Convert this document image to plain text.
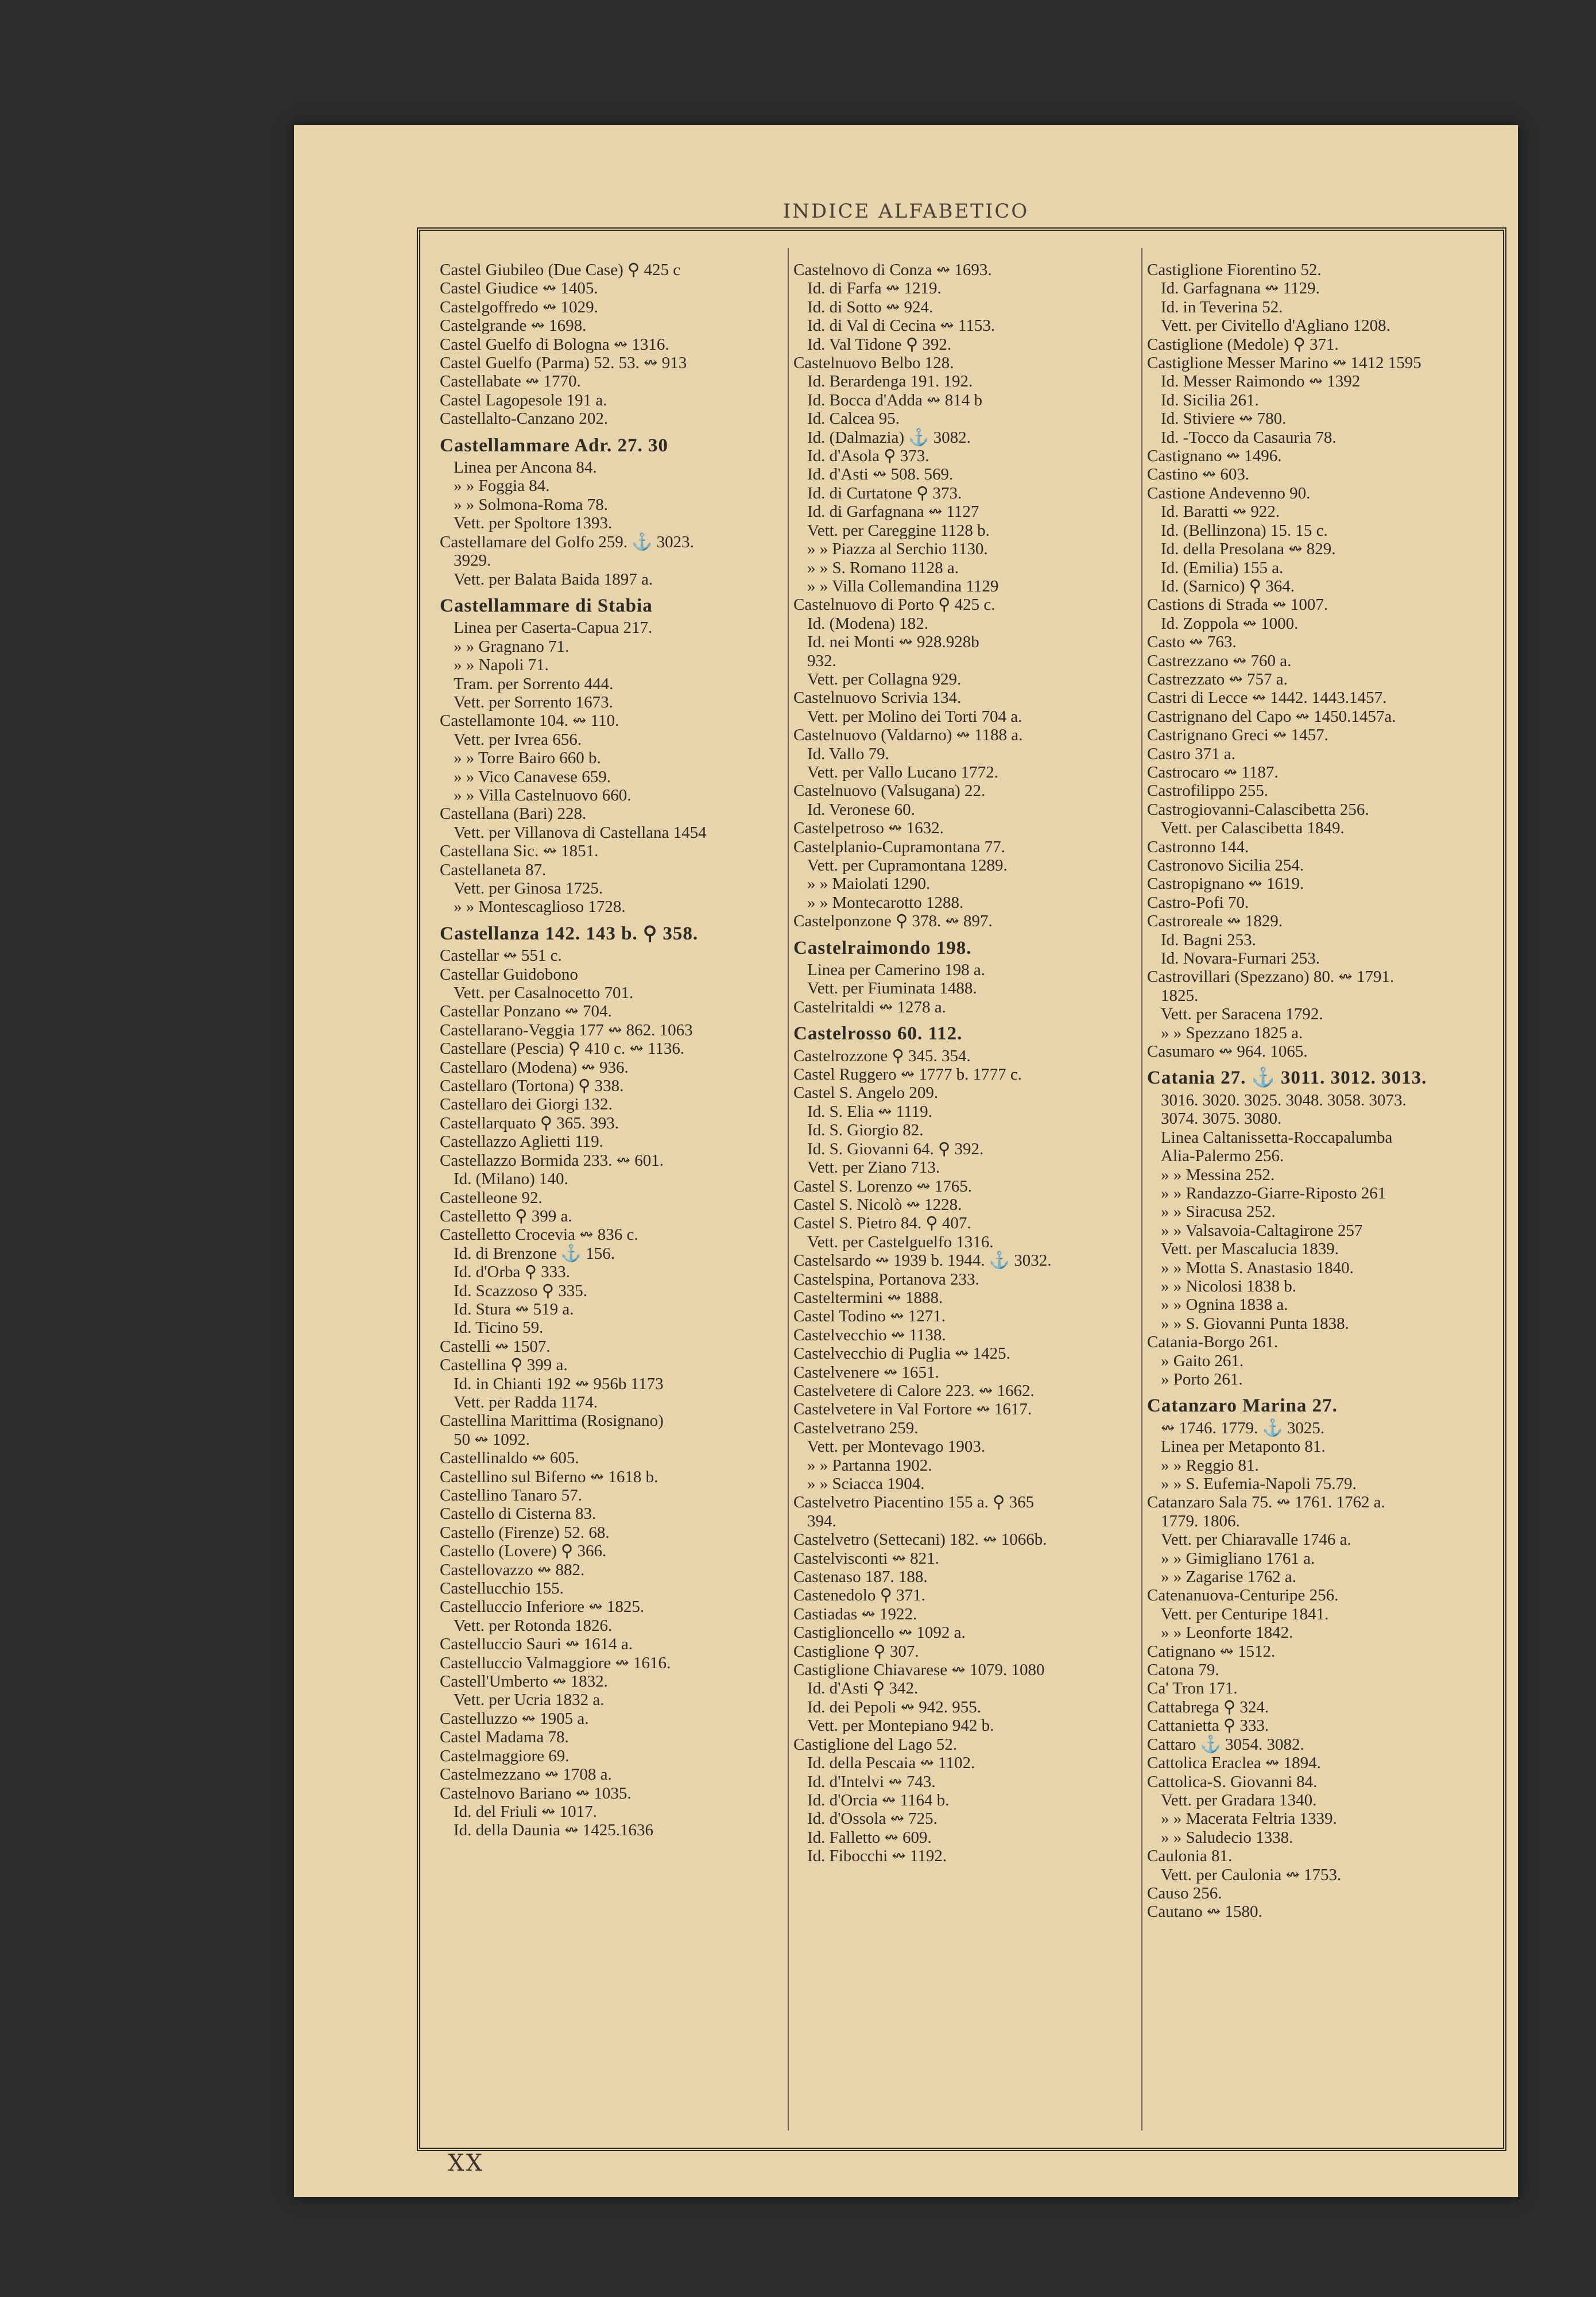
INDICE ALFABETICO
Castel Giubileo (Due Case) ⚲ 425 c
Castel Giudice ↭ 1405.
Castelgoffredo ↭ 1029.
Castelgrande ↭ 1698.
Castel Guelfo di Bologna ↭ 1316.
Castel Guelfo (Parma) 52. 53. ↭ 913
Castellabate ↭ 1770.
Castel Lagopesole 191 a.
Castellalto-Canzano 202.
Castellammare Adr. 27. 30
Linea per Ancona 84.
» » Foggia 84.
» » Solmona-Roma 78.
Vett. per Spoltore 1393.
Castellamare del Golfo 259. ⚓ 3023.
3929.
Vett. per Balata Baida 1897 a.
Castellammare di Stabia
Linea per Caserta-Capua 217.
» » Gragnano 71.
» » Napoli 71.
Tram. per Sorrento 444.
Vett. per Sorrento 1673.
Castellamonte 104. ↭ 110.
Vett. per Ivrea 656.
» » Torre Bairo 660 b.
» » Vico Canavese 659.
» » Villa Castelnuovo 660.
Castellana (Bari) 228.
Vett. per Villanova di Castellana 1454
Castellana Sic. ↭ 1851.
Castellaneta 87.
Vett. per Ginosa 1725.
» » Montescaglioso 1728.
Castellanza 142. 143 b. ⚲ 358.
Castellar ↭ 551 c.
Castellar Guidobono
Vett. per Casalnocetto 701.
Castellar Ponzano ↭ 704.
Castellarano-Veggia 177 ↭ 862. 1063
Castellare (Pescia) ⚲ 410 c. ↭ 1136.
Castellaro (Modena) ↭ 936.
Castellaro (Tortona) ⚲ 338.
Castellaro dei Giorgi 132.
Castellarquato ⚲ 365. 393.
Castellazzo Aglietti 119.
Castellazzo Bormida 233. ↭ 601.
Id. (Milano) 140.
Castelleone 92.
Castelletto ⚲ 399 a.
Castelletto Crocevia ↭ 836 c.
Id. di Brenzone ⚓ 156.
Id. d'Orba ⚲ 333.
Id. Scazzoso ⚲ 335.
Id. Stura ↭ 519 a.
Id. Ticino 59.
Castelli ↭ 1507.
Castellina ⚲ 399 a.
Id. in Chianti 192 ↭ 956b 1173
Vett. per Radda 1174.
Castellina Marittima (Rosignano)
50 ↭ 1092.
Castellinaldo ↭ 605.
Castellino sul Biferno ↭ 1618 b.
Castellino Tanaro 57.
Castello di Cisterna 83.
Castello (Firenze) 52. 68.
Castello (Lovere) ⚲ 366.
Castellovazzo ↭ 882.
Castellucchio 155.
Castelluccio Inferiore ↭ 1825.
Vett. per Rotonda 1826.
Castelluccio Sauri ↭ 1614 a.
Castelluccio Valmaggiore ↭ 1616.
Castell'Umberto ↭ 1832.
Vett. per Ucria 1832 a.
Castelluzzo ↭ 1905 a.
Castel Madama 78.
Castelmaggiore 69.
Castelmezzano ↭ 1708 a.
Castelnovo Bariano ↭ 1035.
Id. del Friuli ↭ 1017.
Id. della Daunia ↭ 1425.1636
Castelnovo di Conza ↭ 1693.
Id. di Farfa ↭ 1219.
Id. di Sotto ↭ 924.
Id. di Val di Cecina ↭ 1153.
Id. Val Tidone ⚲ 392.
Castelnuovo Belbo 128.
Id. Berardenga 191. 192.
Id. Bocca d'Adda ↭ 814 b
Id. Calcea 95.
Id. (Dalmazia) ⚓ 3082.
Id. d'Asola ⚲ 373.
Id. d'Asti ↭ 508. 569.
Id. di Curtatone ⚲ 373.
Id. di Garfagnana ↭ 1127
Vett. per Careggine 1128 b.
» » Piazza al Serchio 1130.
» » S. Romano 1128 a.
» » Villa Collemandina 1129
Castelnuovo di Porto ⚲ 425 c.
Id. (Modena) 182.
Id. nei Monti ↭ 928.928b
932.
Vett. per Collagna 929.
Castelnuovo Scrivia 134.
Vett. per Molino dei Torti 704 a.
Castelnuovo (Valdarno) ↭ 1188 a.
Id. Vallo 79.
Vett. per Vallo Lucano 1772.
Castelnuovo (Valsugana) 22.
Id. Veronese 60.
Castelpetroso ↭ 1632.
Castelplanio-Cupramontana 77.
Vett. per Cupramontana 1289.
» » Maiolati 1290.
» » Montecarotto 1288.
Castelponzone ⚲ 378. ↭ 897.
Castelraimondo 198.
Linea per Camerino 198 a.
Vett. per Fiuminata 1488.
Castelritaldi ↭ 1278 a.
Castelrosso 60. 112.
Castelrozzone ⚲ 345. 354.
Castel Ruggero ↭ 1777 b. 1777 c.
Castel S. Angelo 209.
Id. S. Elia ↭ 1119.
Id. S. Giorgio 82.
Id. S. Giovanni 64. ⚲ 392.
Vett. per Ziano 713.
Castel S. Lorenzo ↭ 1765.
Castel S. Nicolò ↭ 1228.
Castel S. Pietro 84. ⚲ 407.
Vett. per Castelguelfo 1316.
Castelsardo ↭ 1939 b. 1944. ⚓ 3032.
Castelspina, Portanova 233.
Casteltermini ↭ 1888.
Castel Todino ↭ 1271.
Castelvecchio ↭ 1138.
Castelvecchio di Puglia ↭ 1425.
Castelvenere ↭ 1651.
Castelvetere di Calore 223. ↭ 1662.
Castelvetere in Val Fortore ↭ 1617.
Castelvetrano 259.
Vett. per Montevago 1903.
» » Partanna 1902.
» » Sciacca 1904.
Castelvetro Piacentino 155 a. ⚲ 365
394.
Castelvetro (Settecani) 182. ↭ 1066b.
Castelvisconti ↭ 821.
Castenaso 187. 188.
Castenedolo ⚲ 371.
Castiadas ↭ 1922.
Castiglioncello ↭ 1092 a.
Castiglione ⚲ 307.
Castiglione Chiavarese ↭ 1079. 1080
Id. d'Asti ⚲ 342.
Id. dei Pepoli ↭ 942. 955.
Vett. per Montepiano 942 b.
Castiglione del Lago 52.
Id. della Pescaia ↭ 1102.
Id. d'Intelvi ↭ 743.
Id. d'Orcia ↭ 1164 b.
Id. d'Ossola ↭ 725.
Id. Falletto ↭ 609.
Id. Fibocchi ↭ 1192.
Castiglione Fiorentino 52.
Id. Garfagnana ↭ 1129.
Id. in Teverina 52.
Vett. per Civitello d'Agliano 1208.
Castiglione (Medole) ⚲ 371.
Castiglione Messer Marino ↭ 1412 1595
Id. Messer Raimondo ↭ 1392
Id. Sicilia 261.
Id. Stiviere ↭ 780.
Id. -Tocco da Casauria 78.
Castignano ↭ 1496.
Castino ↭ 603.
Castione Andevenno 90.
Id. Baratti ↭ 922.
Id. (Bellinzona) 15. 15 c.
Id. della Presolana ↭ 829.
Id. (Emilia) 155 a.
Id. (Sarnico) ⚲ 364.
Castions di Strada ↭ 1007.
Id. Zoppola ↭ 1000.
Casto ↭ 763.
Castrezzano ↭ 760 a.
Castrezzato ↭ 757 a.
Castri di Lecce ↭ 1442. 1443.1457.
Castrignano del Capo ↭ 1450.1457a.
Castrignano Greci ↭ 1457.
Castro 371 a.
Castrocaro ↭ 1187.
Castrofilippo 255.
Castrogiovanni-Calascibetta 256.
Vett. per Calascibetta 1849.
Castronno 144.
Castronovo Sicilia 254.
Castropignano ↭ 1619.
Castro-Pofi 70.
Castroreale ↭ 1829.
Id. Bagni 253.
Id. Novara-Furnari 253.
Castrovillari (Spezzano) 80. ↭ 1791.
1825.
Vett. per Saracena 1792.
» » Spezzano 1825 a.
Casumaro ↭ 964. 1065.
Catania 27. ⚓ 3011. 3012. 3013.
3016. 3020. 3025. 3048. 3058. 3073.
3074. 3075. 3080.
Linea Caltanissetta-Roccapalumba
Alia-Palermo 256.
» » Messina 252.
» » Randazzo-Giarre-Riposto 261
» » Siracusa 252.
» » Valsavoia-Caltagirone 257
Vett. per Mascalucia 1839.
» » Motta S. Anastasio 1840.
» » Nicolosi 1838 b.
» » Ognina 1838 a.
» » S. Giovanni Punta 1838.
Catania-Borgo 261.
» Gaito 261.
» Porto 261.
Catanzaro Marina 27.
↭ 1746. 1779. ⚓ 3025.
Linea per Metaponto 81.
» » Reggio 81.
» » S. Eufemia-Napoli 75.79.
Catanzaro Sala 75. ↭ 1761. 1762 a.
1779. 1806.
Vett. per Chiaravalle 1746 a.
» » Gimigliano 1761 a.
» » Zagarise 1762 a.
Catenanuova-Centuripe 256.
Vett. per Centuripe 1841.
» » Leonforte 1842.
Catignano ↭ 1512.
Catona 79.
Ca' Tron 171.
Cattabrega ⚲ 324.
Cattanietta ⚲ 333.
Cattaro ⚓ 3054. 3082.
Cattolica Eraclea ↭ 1894.
Cattolica-S. Giovanni 84.
Vett. per Gradara 1340.
» » Macerata Feltria 1339.
» » Saludecio 1338.
Caulonia 81.
Vett. per Caulonia ↭ 1753.
Causo 256.
Cautano ↭ 1580.
XX
